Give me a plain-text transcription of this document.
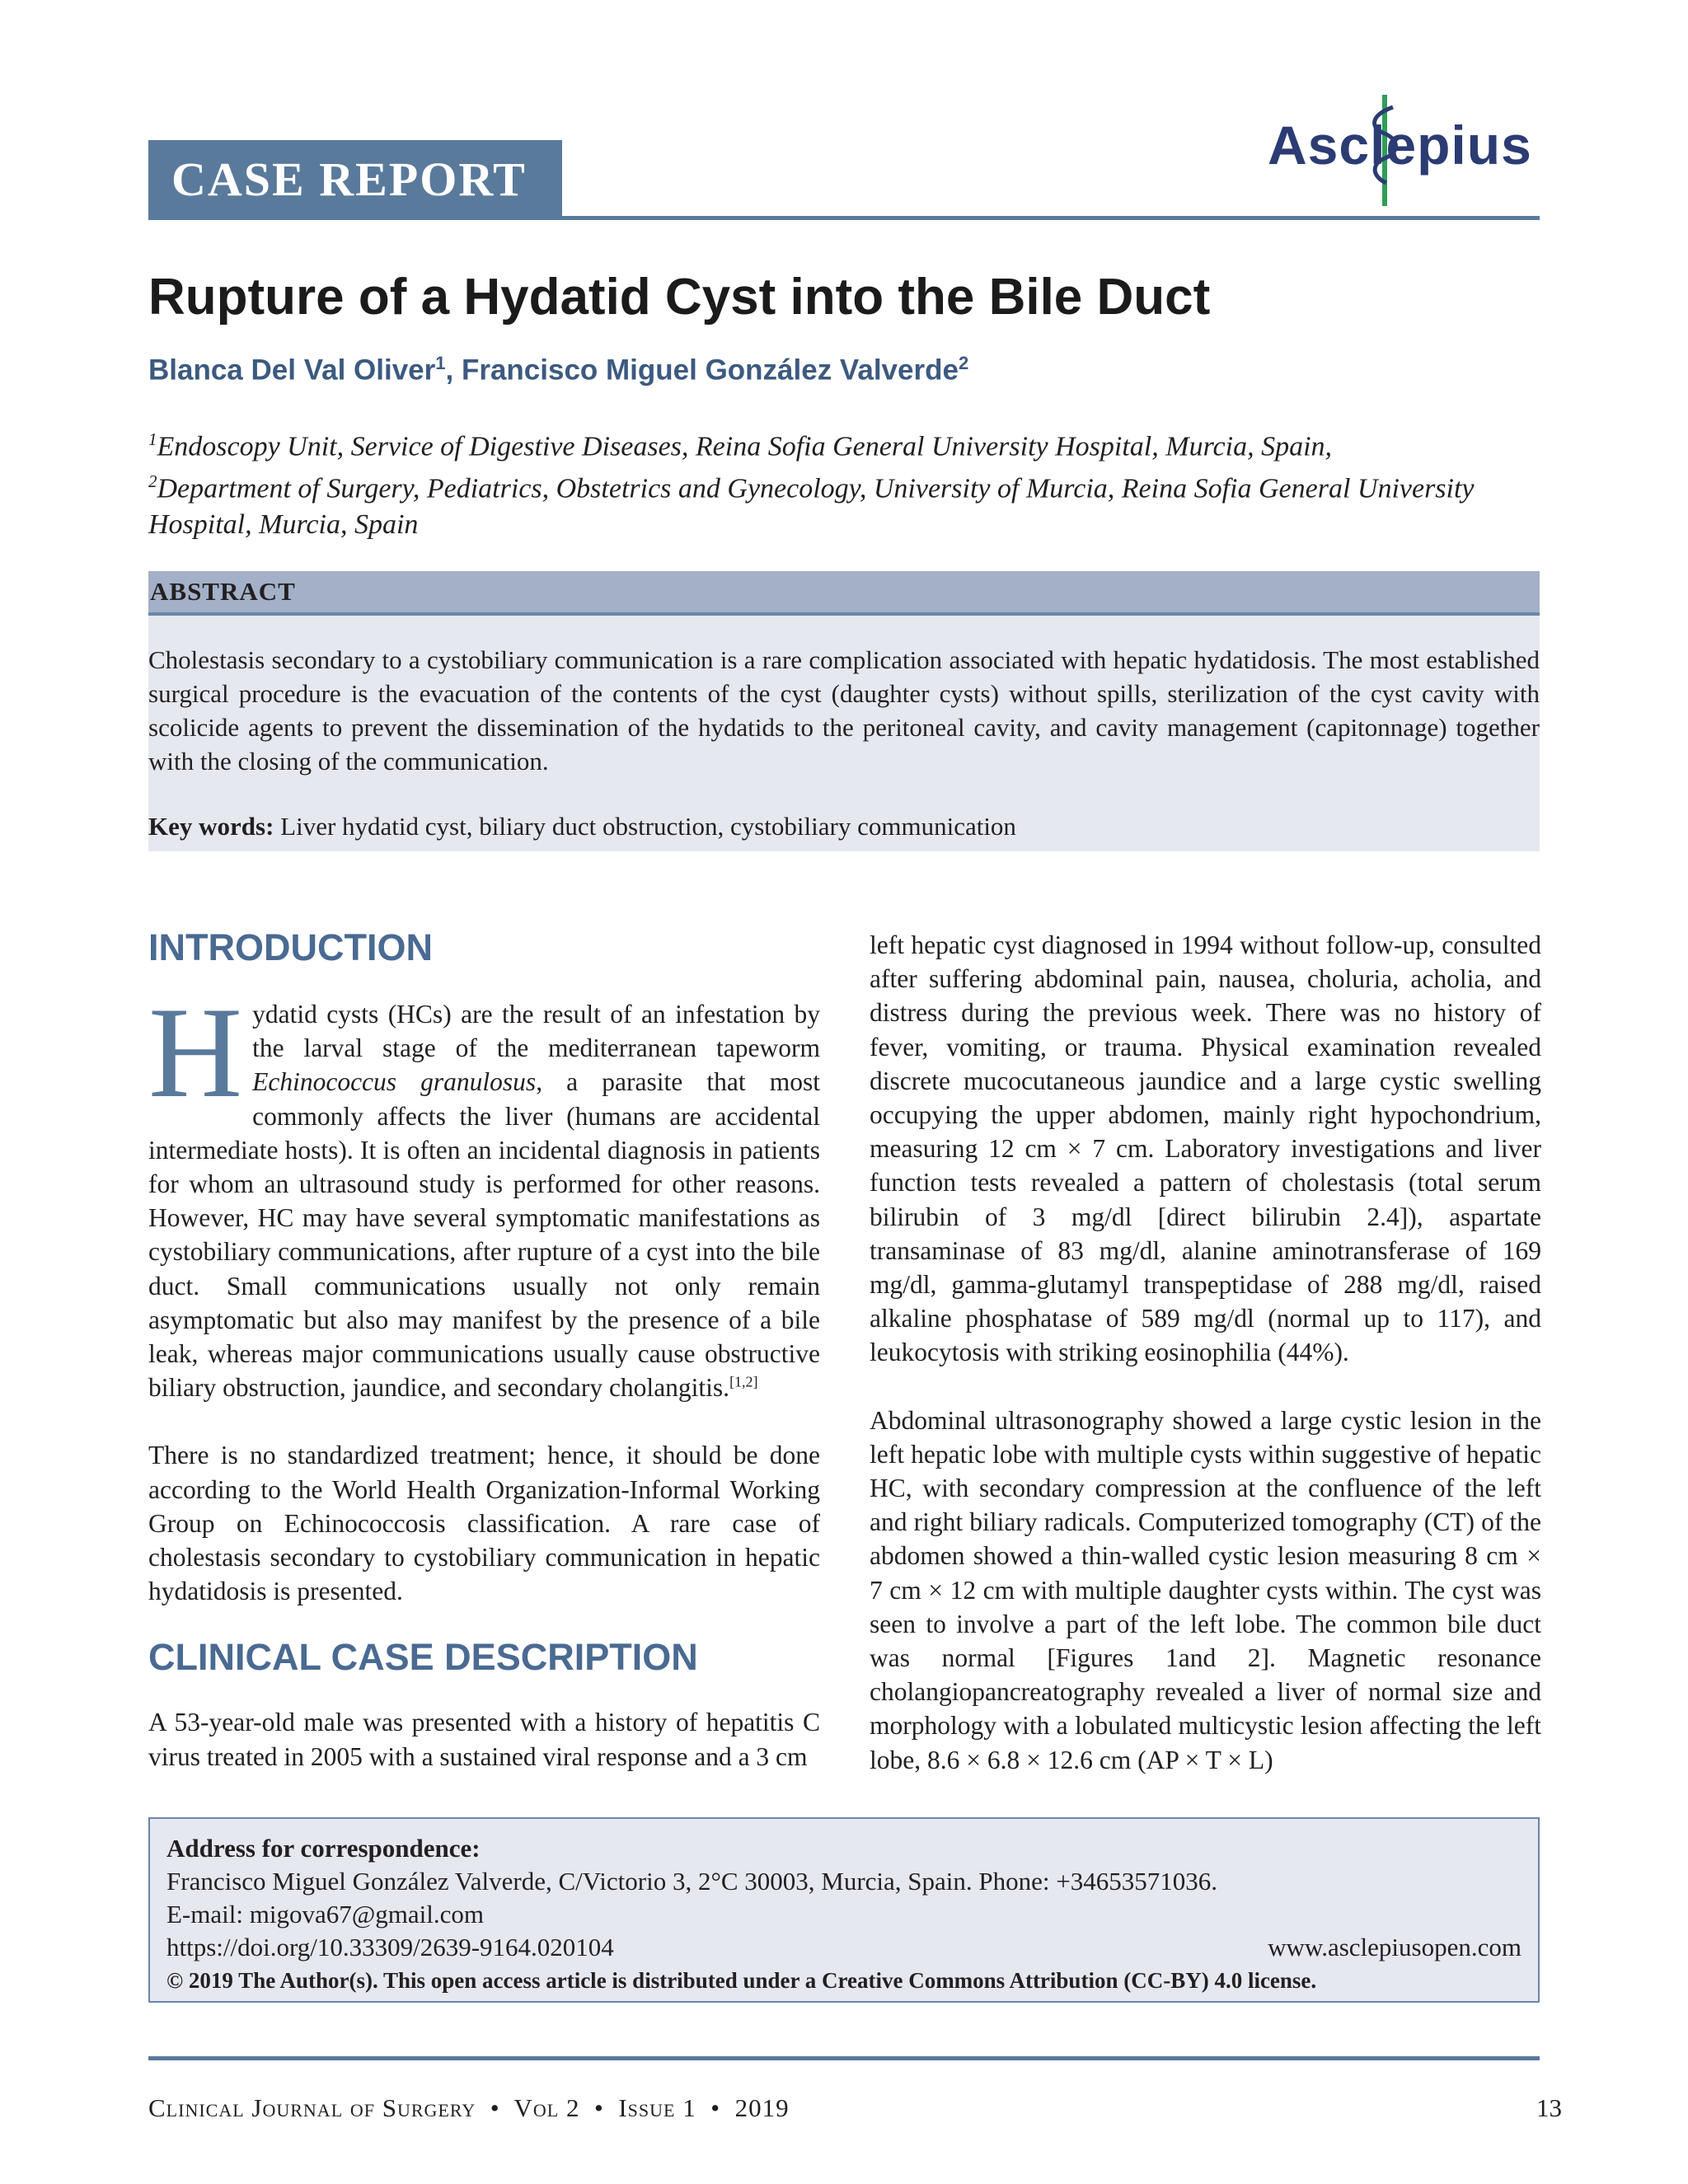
CASE REPORT
Asclepius
Rupture of a Hydatid Cyst into the Bile Duct
Blanca Del Val Oliver$^1$, Francisco Miguel González Valverde$^2$
$^1$Endoscopy Unit, Service of Digestive Diseases, Reina Sofia General University Hospital, Murcia, Spain,
$^2$Department of Surgery, Pediatrics, Obstetrics and Gynecology, University of Murcia, Reina Sofia General University Hospital, Murcia, Spain
ABSTRACT

Cholestasis secondary to a cystobiliary communication is a rare complication associated with hepatic hydatidosis. The most established surgical procedure is the evacuation of the contents of the cyst (daughter cysts) without spills, sterilization of the cyst cavity with scolicide agents to prevent the dissemination of the hydatids to the peritoneal cavity, and cavity management (capitonnage) together with the closing of the communication.

Key words: Liver hydatid cyst, biliary duct obstruction, cystobiliary communication

INTRODUCTION

Hydatid cysts (HCs) are the result of an infestation by the larval stage of the mediterranean tapeworm Echinococcus granulosus, a parasite that most commonly affects the liver (humans are accidental intermediate hosts). It is often an incidental diagnosis in patients for whom an ultrasound study is performed for other reasons. However, HC may have several symptomatic manifestations as cystobiliary communications, after rupture of a cyst into the bile duct. Small communications usually not only remain asymptomatic but also may manifest by the presence of a bile leak, whereas major communications usually cause obstructive biliary obstruction, jaundice, and secondary cholangitis.[1,2]

There is no standardized treatment; hence, it should be done according to the World Health Organization-Informal Working Group on Echinococcosis classification. A rare case of cholestasis secondary to cystobiliary communication in hepatic hydatidosis is presented.

CLINICAL CASE DESCRIPTION

A 53-year-old male was presented with a history of hepatitis C virus treated in 2005 with a sustained viral response and a 3 cm

left hepatic cyst diagnosed in 1994 without follow-up, consulted after suffering abdominal pain, nausea, choluria, acholia, and distress during the previous week. There was no history of fever, vomiting, or trauma. Physical examination revealed discrete mucocutaneous jaundice and a large cystic swelling occupying the upper abdomen, mainly right hypochondrium, measuring 12 cm × 7 cm. Laboratory investigations and liver function tests revealed a pattern of cholestasis (total serum bilirubin of 3 mg/dl [direct bilirubin 2.4]), aspartate transaminase of 83 mg/dl, alanine aminotransferase of 169 mg/dl, gamma-glutamyl transpeptidase of 288 mg/dl, raised alkaline phosphatase of 589 mg/dl (normal up to 117), and leukocytosis with striking eosinophilia (44%).

Abdominal ultrasonography showed a large cystic lesion in the left hepatic lobe with multiple cysts within suggestive of hepatic HC, with secondary compression at the confluence of the left and right biliary radicals. Computerized tomography (CT) of the abdomen showed a thin-walled cystic lesion measuring 8 cm × 7 cm × 12 cm with multiple daughter cysts within. The cyst was seen to involve a part of the left lobe. The common bile duct was normal [Figures 1and 2]. Magnetic resonance cholangiopancreatography revealed a liver of normal size and morphology with a lobulated multicystic lesion affecting the left lobe, 8.6 × 6.8 × 12.6 cm (AP × T × L)

Address for correspondence:
Francisco Miguel González Valverde, C/Victorio 3, 2°C 30003, Murcia, Spain. Phone: +34653571036.
E-mail: migova67@gmail.com
https://doi.org/10.33309/2639-9164.020104	www.asclepiusopen.com
© 2019 The Author(s). This open access article is distributed under a Creative Commons Attribution (CC-BY) 4.0 license.
Clinical Journal of Surgery  •  Vol 2  •  Issue 1  •  2019	13
